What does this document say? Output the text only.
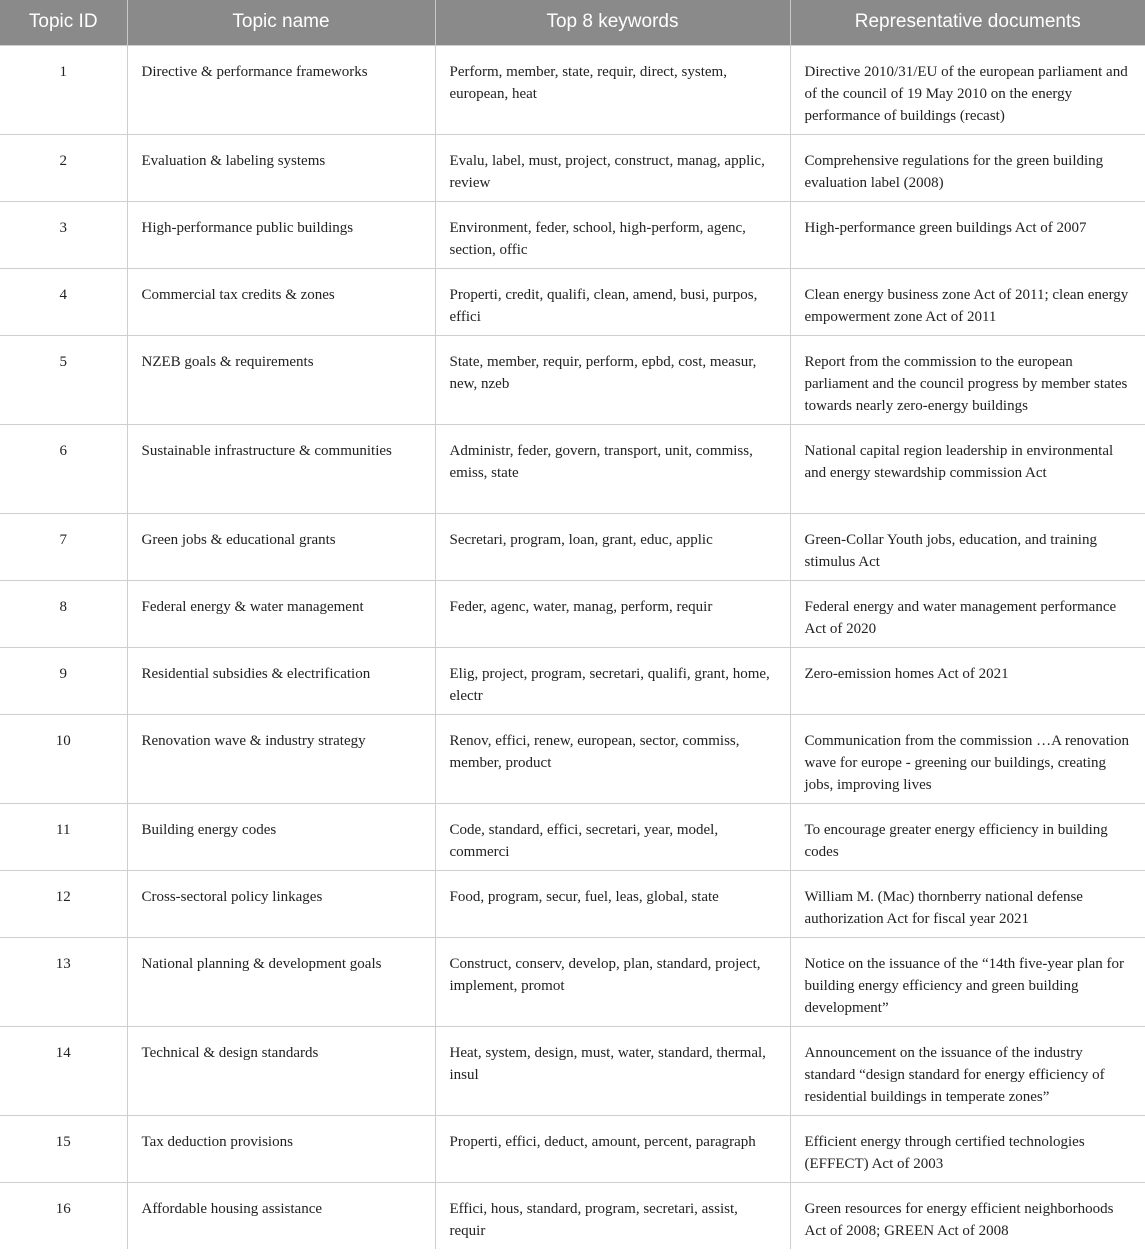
Topic ID	Topic name	Top 8 keywords	Representative documents
1	Directive & performance frameworks	Perform, member, state, requir, direct, system, european, heat	Directive 2010/31/EU of the european parliament and of the council of 19 May 2010 on the energy performance of buildings (recast)
2	Evaluation & labeling systems	Evalu, label, must, project, construct, manag, applic, review	Comprehensive regulations for the green building evaluation label (2008)
3	High-performance public buildings	Environment, feder, school, high-perform, agenc, section, offic	High-performance green buildings Act of 2007
4	Commercial tax credits & zones	Properti, credit, qualifi, clean, amend, busi, purpos, effici	Clean energy business zone Act of 2011; clean energy empowerment zone Act of 2011
5	NZEB goals & requirements	State, member, requir, perform, epbd, cost, measur, new, nzeb	Report from the commission to the european parliament and the council progress by member states towards nearly zero-energy buildings
6	Sustainable infrastructure & communities	Administr, feder, govern, transport, unit, commiss, emiss, state	National capital region leadership in environmental and energy stewardship commission Act
7	Green jobs & educational grants	Secretari, program, loan, grant, educ, applic	Green-Collar Youth jobs, education, and training stimulus Act
8	Federal energy & water management	Feder, agenc, water, manag, perform, requir	Federal energy and water management performance Act of 2020
9	Residential subsidies & electrification	Elig, project, program, secretari, qualifi, grant, home, electr	Zero-emission homes Act of 2021
10	Renovation wave & industry strategy	Renov, effici, renew, european, sector, commiss, member, product	Communication from the commission …A renovation wave for europe - greening our buildings, creating jobs, improving lives
11	Building energy codes	Code, standard, effici, secretari, year, model, commerci	To encourage greater energy efficiency in building codes
12	Cross-sectoral policy linkages	Food, program, secur, fuel, leas, global, state	William M. (Mac) thornberry national defense authorization Act for fiscal year 2021
13	National planning & development goals	Construct, conserv, develop, plan, standard, project, implement, promot	Notice on the issuance of the “14th five-year plan for building energy efficiency and green building development”
14	Technical & design standards	Heat, system, design, must, water, standard, thermal, insul	Announcement on the issuance of the industry standard “design standard for energy efficiency of residential buildings in temperate zones”
15	Tax deduction provisions	Properti, effici, deduct, amount, percent, paragraph	Efficient energy through certified technologies (EFFECT) Act of 2003
16	Affordable housing assistance	Effici, hous, standard, program, secretari, assist, requir	Green resources for energy efficient neighborhoods Act of 2008; GREEN Act of 2008
